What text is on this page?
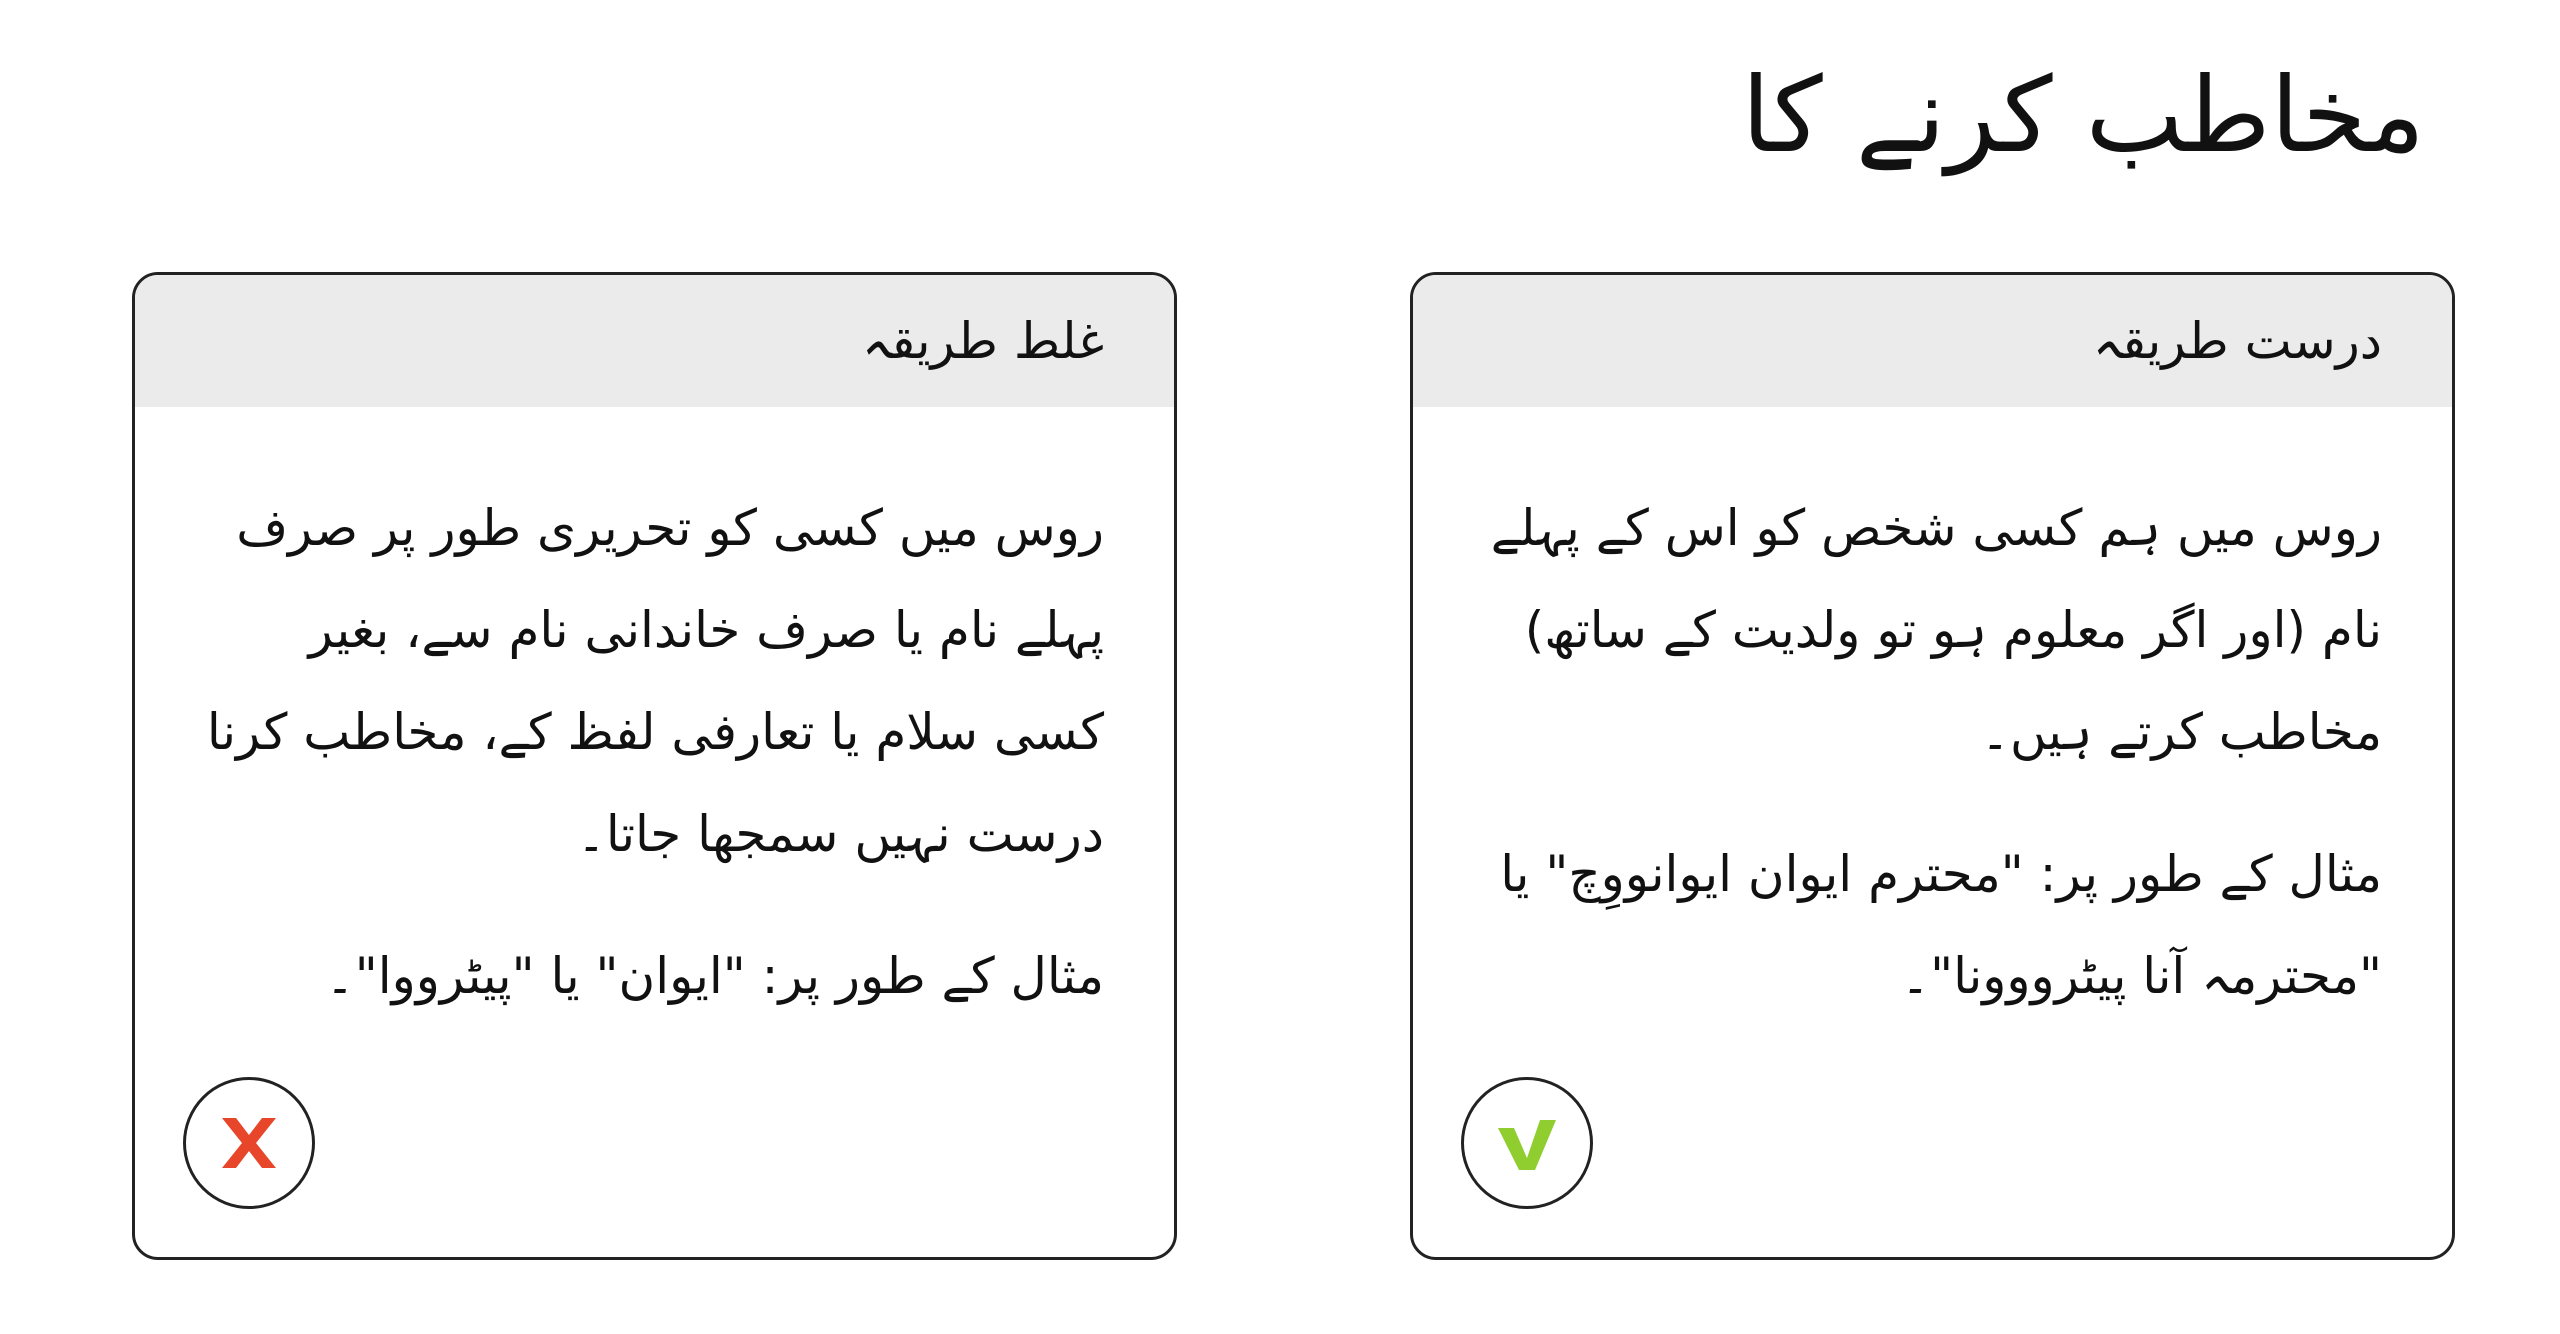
مخاطب کرنے کا
درست طریقہ

روس میں ہم کسی شخص کو اس کے پہلے نام (اور اگر معلوم ہو تو ولدیت کے ساتھ) مخاطب کرتے ہیں۔

مثال کے طور پر: "محترم ایوان ایوانووِچ" یا "محترمہ آنا پیٹرووونا"۔

غلط طریقہ

روس میں کسی کو تحریری طور پر صرف پہلے نام یا صرف خاندانی نام سے، بغیر کسی سلام یا تعارفی لفظ کے، مخاطب کرنا درست نہیں سمجھا جاتا۔

مثال کے طور پر: "ایوان" یا "پیٹرووا"۔
